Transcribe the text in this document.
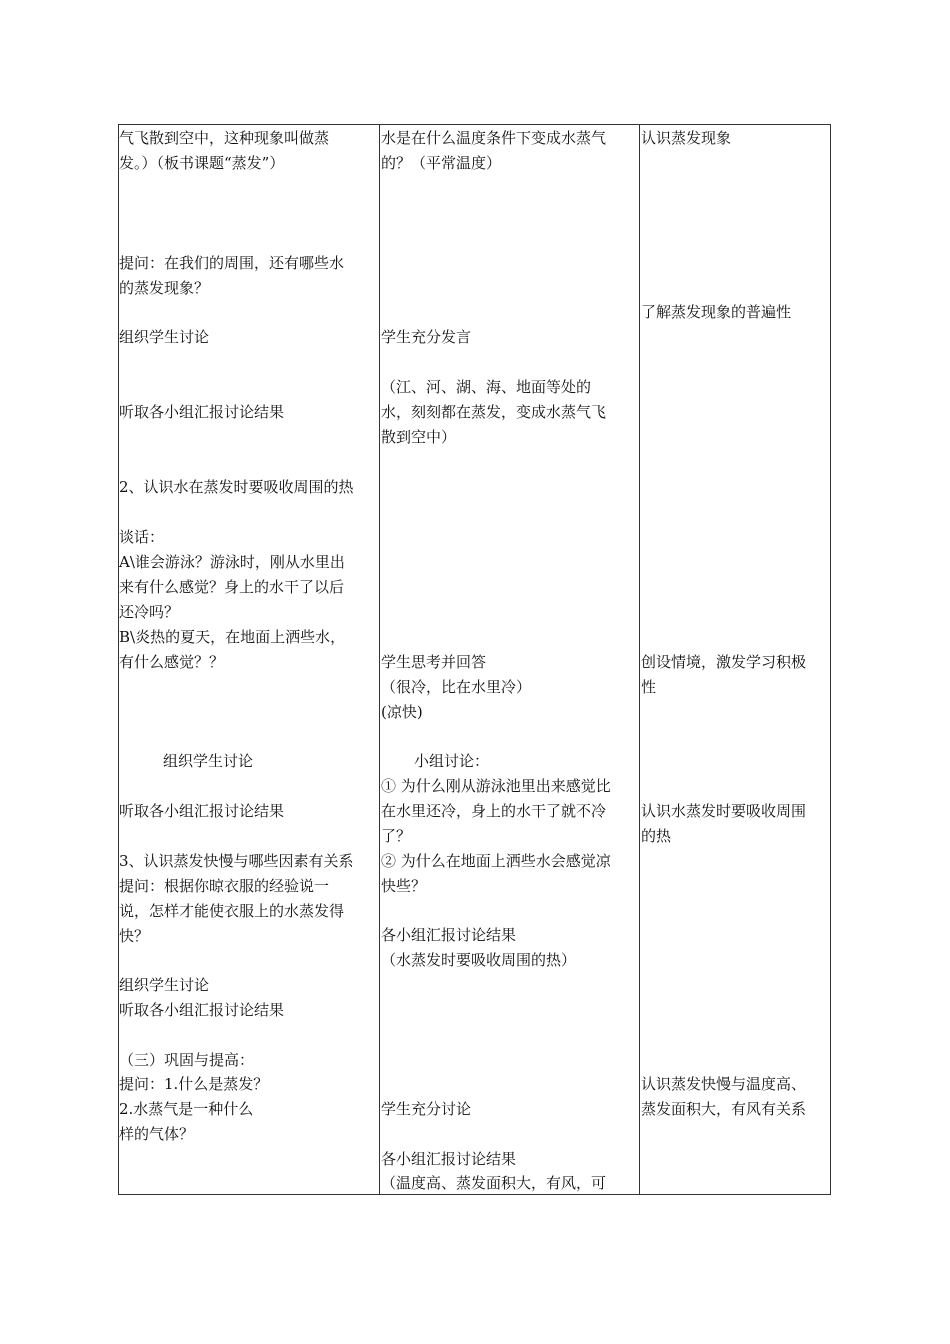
气飞散到空中，这种现象叫做蒸
发。）（板书课题“蒸发”）
提问：在我们的周围，还有哪些水
的蒸发现象？
组织学生讨论
听取各小组汇报讨论结果
2、认识水在蒸发时要吸收周围的热
谈话：
A\谁会游泳？游泳时，刚从水里出
来有什么感觉？身上的水干了以后
还冷吗？
B\炎热的夏天，在地面上洒些水，
有什么感觉？？
组织学生讨论
听取各小组汇报讨论结果
3、认识蒸发快慢与哪些因素有关系
提问：根据你晾衣服的经验说一
说，怎样才能使衣服上的水蒸发得
快？
组织学生讨论
听取各小组汇报讨论结果
（三）巩固与提高：
提问：1.什么是蒸发？
2.水蒸气是一种什么
样的气体？
水是在什么温度条件下变成水蒸气
的？（平常温度）
学生充分发言
（江、河、湖、海、地面等处的
水，刻刻都在蒸发，变成水蒸气飞
散到空中）
学生思考并回答
（很冷，比在水里冷）
(凉快)
小组讨论：
① 为什么刚从游泳池里出来感觉比
在水里还冷，身上的水干了就不冷
了？
② 为什么在地面上洒些水会感觉凉
快些？
各小组汇报讨论结果
（水蒸发时要吸收周围的热）
学生充分讨论
各小组汇报讨论结果
（温度高、蒸发面积大，有风，可
认识蒸发现象
了解蒸发现象的普遍性
创设情境，激发学习积极
性
认识水蒸发时要吸收周围
的热
认识蒸发快慢与温度高、
蒸发面积大，有风有关系
